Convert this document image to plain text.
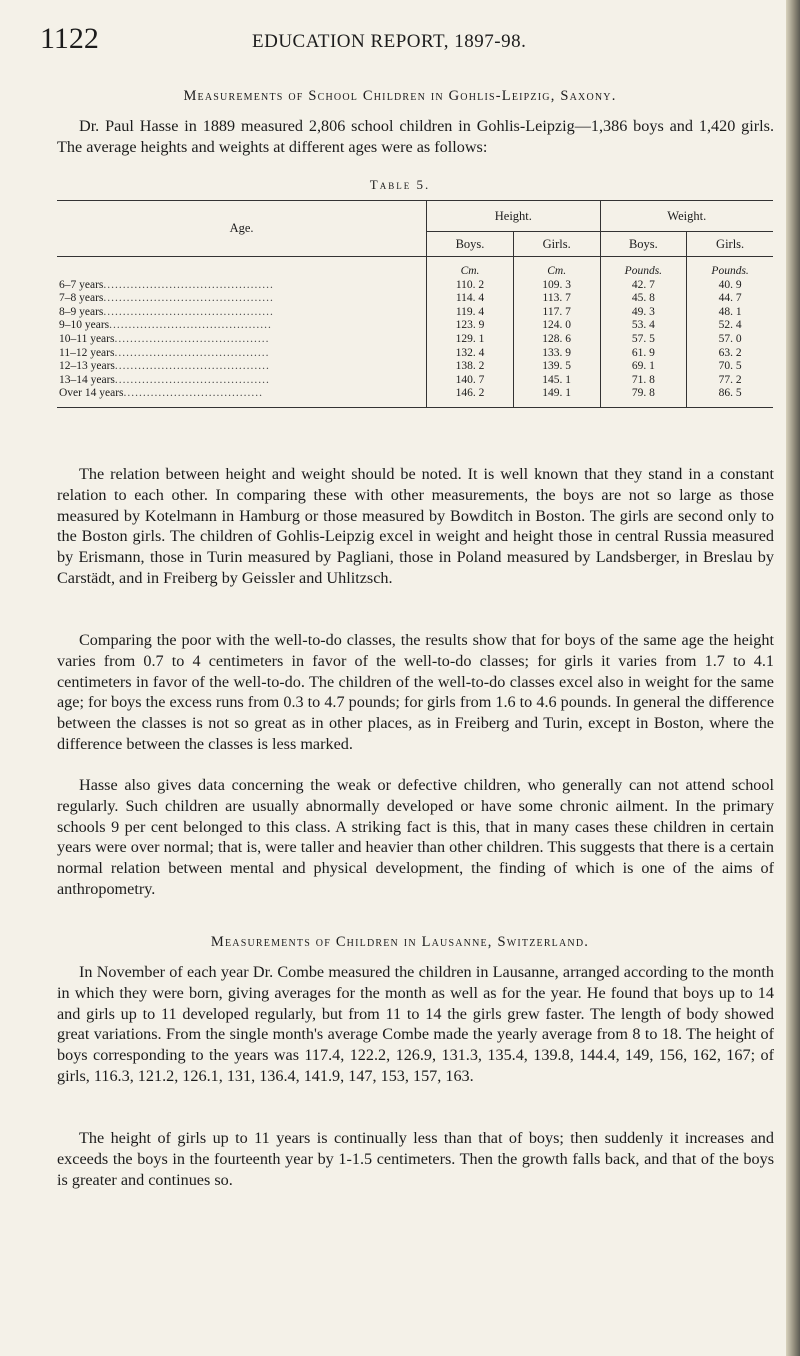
1122	EDUCATION REPORT, 1897-98.
Measurements of School Children in Gohlis-Leipzig, Saxony.

Dr. Paul Hasse in 1889 measured 2,806 school children in Gohlis-Leipzig—1,386 boys and 1,420 girls. The average heights and weights at different ages were as follows:

Table 5.
Age.	Height.		Weight.	
	Boys.	Girls.	Boys.	Girls.
	Cm.	Cm.	Pounds.	Pounds.
6–7 years............................................	110. 2	109. 3	42. 7	40. 9
7–8 years............................................	114. 4	113. 7	45. 8	44. 7
8–9 years............................................	119. 4	117. 7	49. 3	48. 1
9–10 years..........................................	123. 9	124. 0	53. 4	52. 4
10–11 years........................................	129. 1	128. 6	57. 5	57. 0
11–12 years........................................	132. 4	133. 9	61. 9	63. 2
12–13 years........................................	138. 2	139. 5	69. 1	70. 5
13–14 years........................................	140. 7	145. 1	71. 8	77. 2
Over 14 years....................................	146. 2	149. 1	79. 8	86. 5

The relation between height and weight should be noted. It is well known that they stand in a constant relation to each other. In comparing these with other measurements, the boys are not so large as those measured by Kotelmann in Hamburg or those measured by Bowditch in Boston. The girls are second only to the Boston girls. The children of Gohlis-Leipzig excel in weight and height those in central Russia measured by Erismann, those in Turin measured by Pagliani, those in Poland measured by Landsberger, in Breslau by Carstädt, and in Freiberg by Geissler and Uhlitzsch.

Comparing the poor with the well-to-do classes, the results show that for boys of the same age the height varies from 0.7 to 4 centimeters in favor of the well-to-do classes; for girls it varies from 1.7 to 4.1 centimeters in favor of the well-to-do. The children of the well-to-do classes excel also in weight for the same age; for boys the excess runs from 0.3 to 4.7 pounds; for girls from 1.6 to 4.6 pounds. In general the difference between the classes is not so great as in other places, as in Freiberg and Turin, except in Boston, where the difference between the classes is less marked.

Hasse also gives data concerning the weak or defective children, who generally can not attend school regularly. Such children are usually abnormally developed or have some chronic ailment. In the primary schools 9 per cent belonged to this class. A striking fact is this, that in many cases these children in certain years were over normal; that is, were taller and heavier than other children. This suggests that there is a certain normal relation between mental and physical development, the finding of which is one of the aims of anthropometry.

Measurements of Children in Lausanne, Switzerland.

In November of each year Dr. Combe measured the children in Lausanne, arranged according to the month in which they were born, giving averages for the month as well as for the year. He found that boys up to 14 and girls up to 11 developed regularly, but from 11 to 14 the girls grew faster. The length of body showed great variations. From the single month's average Combe made the yearly average from 8 to 18. The height of boys corresponding to the years was 117.4, 122.2, 126.9, 131.3, 135.4, 139.8, 144.4, 149, 156, 162, 167; of girls, 116.3, 121.2, 126.1, 131, 136.4, 141.9, 147, 153, 157, 163.

The height of girls up to 11 years is continually less than that of boys; then suddenly it increases and exceeds the boys in the fourteenth year by 1-1.5 centimeters. Then the growth falls back, and that of the boys is greater and continues so.
